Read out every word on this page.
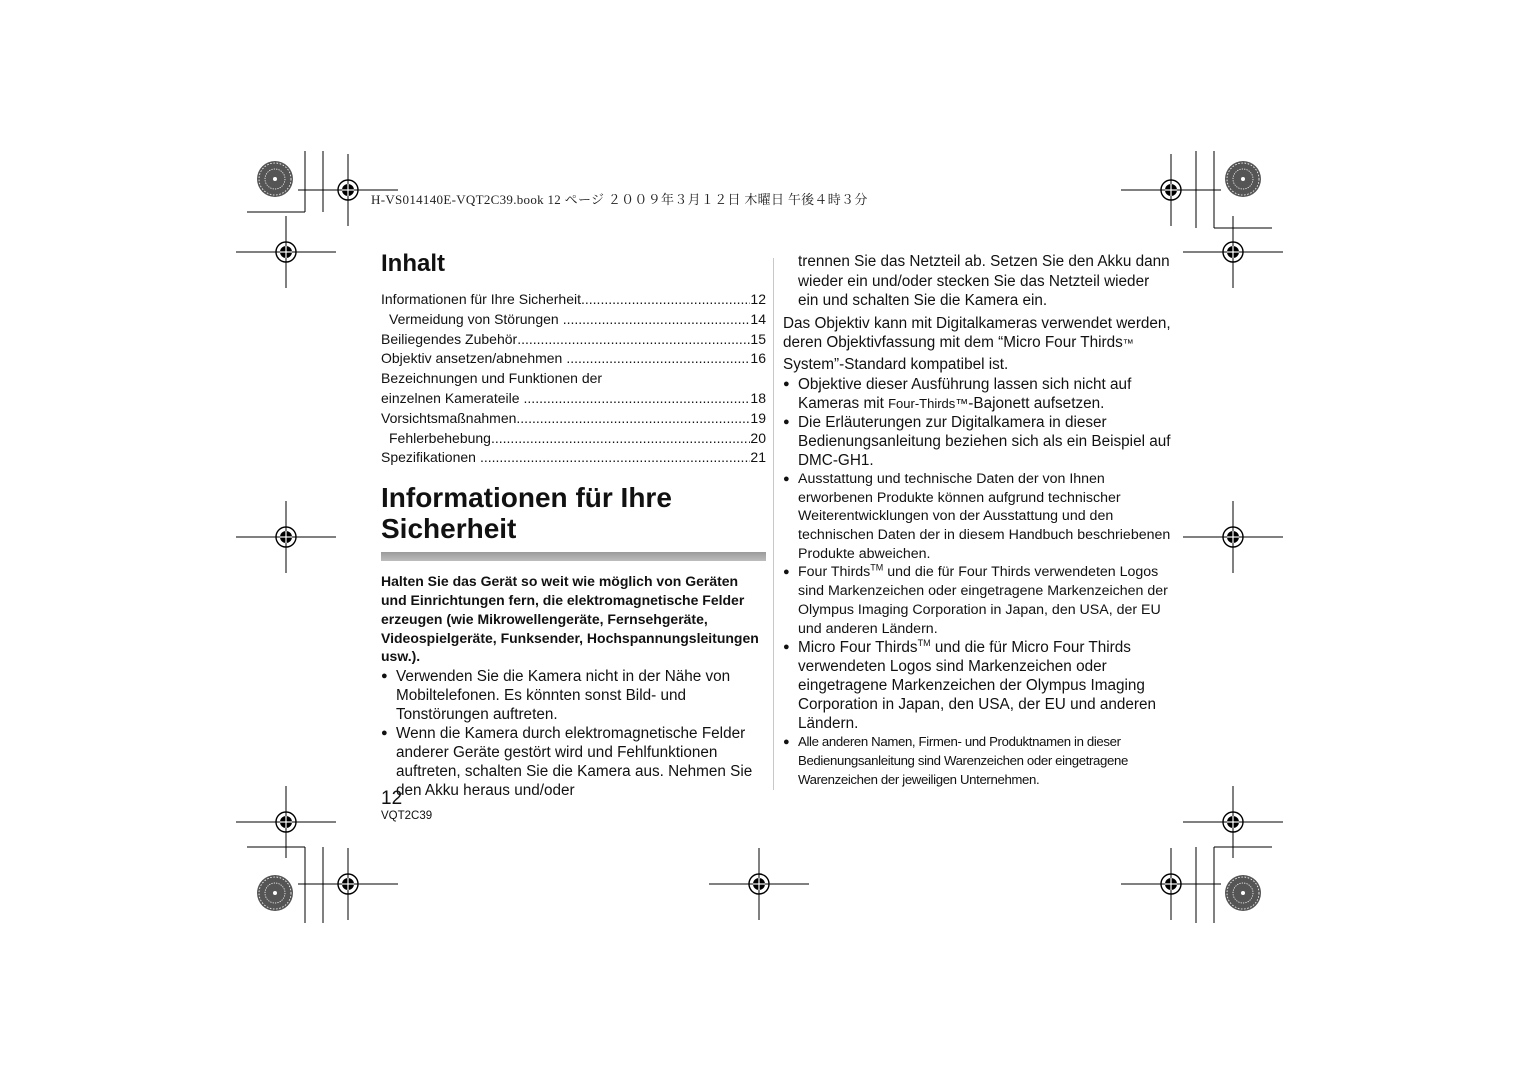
H-VS014140E-VQT2C39.book 12 ページ ２００９年３月１２日 木曜日 午後４時３分
Inhalt
Informationen für Ihre Sicherheit .....	12
Vermeidung von Störungen .....	14
Beiliegendes Zubehör .....	15
Objektiv ansetzen/abnehmen .....	16
Bezeichnungen und Funktionen der
einzelnen Kamerateile .....	18
Vorsichtsmaßnahmen .....	19
Fehlerbehebung .....	20
Spezifikationen .....	21
Informationen für Ihre
Sicherheit

Halten Sie das Gerät so weit wie möglich von Geräten und Einrichtungen fern, die elektromagnetische Felder erzeugen (wie Mikrowellengeräte, Fernsehgeräte, Videospielgeräte, Funksender, Hochspannungsleitungen usw.).

● Verwenden Sie die Kamera nicht in der Nähe von Mobiltelefonen. Es könnten sonst Bild- und Tonstörungen auftreten.

● Wenn die Kamera durch elektromagnetische Felder anderer Geräte gestört wird und Fehlfunktionen auftreten, schalten Sie die Kamera aus. Nehmen Sie den Akku heraus und/oder

trennen Sie das Netzteil ab. Setzen Sie den Akku dann wieder ein und/oder stecken Sie das Netzteil wieder ein und schalten Sie die Kamera ein.

Das Objektiv kann mit Digitalkameras verwendet werden, deren Objektivfassung mit dem “Micro Four Thirds™ System”-Standard kompatibel ist.

● Objektive dieser Ausführung lassen sich nicht auf Kameras mit Four-Thirds™-Bajonett aufsetzen.

● Die Erläuterungen zur Digitalkamera in dieser Bedienungsanleitung beziehen sich als ein Beispiel auf DMC-GH1.

● Ausstattung und technische Daten der von Ihnen erworbenen Produkte können aufgrund technischer Weiterentwicklungen von der Ausstattung und den technischen Daten der in diesem Handbuch beschriebenen Produkte abweichen.

● Four Thirds™ und die für Four Thirds verwendeten Logos sind Markenzeichen oder eingetragene Markenzeichen der Olympus Imaging Corporation in Japan, den USA, der EU und anderen Ländern.

● Micro Four Thirds™ und die für Micro Four Thirds verwendeten Logos sind Markenzeichen oder eingetragene Markenzeichen der Olympus Imaging Corporation in Japan, den USA, der EU und anderen Ländern.

● Alle anderen Namen, Firmen- und Produktnamen in dieser Bedienungsanleitung sind Warenzeichen oder eingetragene Warenzeichen der jeweiligen Unternehmen.

12
VQT2C39
